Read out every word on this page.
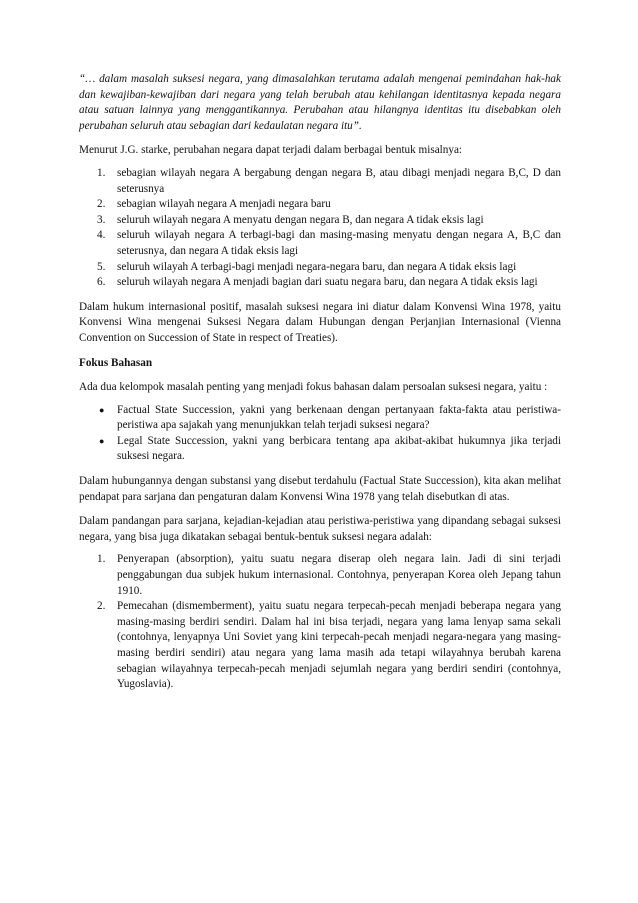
“… dalam masalah suksesi negara, yang dimasalahkan terutama adalah mengenai pemindahan hak-hak dan kewajiban-kewajiban dari negara yang telah berubah atau kehilangan identitasnya kepada negara atau satuan lainnya yang menggantikannya. Perubahan atau hilangnya identitas itu disebabkan oleh perubahan seluruh atau sebagian dari kedaulatan negara itu”.

Menurut J.G. starke, perubahan negara dapat terjadi dalam berbagai bentuk misalnya:

1. sebagian wilayah negara A bergabung dengan negara B, atau dibagi menjadi negara B,C, D dan seterusnya
2. sebagian wilayah negara A menjadi negara baru
3. seluruh wilayah negara A menyatu dengan negara B, dan negara A tidak eksis lagi
4. seluruh wilayah negara A terbagi-bagi dan masing-masing menyatu dengan negara A, B,C dan seterusnya, dan negara A tidak eksis lagi
5. seluruh wilayah A terbagi-bagi menjadi negara-negara baru, dan negara A tidak eksis lagi
6. seluruh wilayah negara A menjadi bagian dari suatu negara baru, dan negara A tidak eksis lagi

Dalam hukum internasional positif, masalah suksesi negara ini diatur dalam Konvensi Wina 1978, yaitu Konvensi Wina mengenai Suksesi Negara dalam Hubungan dengan Perjanjian Internasional (Vienna Convention on Succession of State in respect of Treaties).

Fokus Bahasan

Ada dua kelompok masalah penting yang menjadi fokus bahasan dalam persoalan suksesi negara, yaitu :

● Factual State Succession, yakni yang berkenaan dengan pertanyaan fakta-fakta atau peristiwa-peristiwa apa sajakah yang menunjukkan telah terjadi suksesi negara?
● Legal State Succession, yakni yang berbicara tentang apa akibat-akibat hukumnya jika terjadi suksesi negara.

Dalam hubungannya dengan substansi yang disebut terdahulu (Factual State Succession), kita akan melihat pendapat para sarjana dan pengaturan dalam Konvensi Wina 1978 yang telah disebutkan di atas.

Dalam pandangan para sarjana, kejadian-kejadian atau peristiwa-peristiwa yang dipandang sebagai suksesi negara, yang bisa juga dikatakan sebagai bentuk-bentuk suksesi negara adalah:

1. Penyerapan (absorption), yaitu suatu negara diserap oleh negara lain. Jadi di sini terjadi penggabungan dua subjek hukum internasional. Contohnya, penyerapan Korea oleh Jepang tahun 1910.
2. Pemecahan (dismemberment), yaitu suatu negara terpecah-pecah menjadi beberapa negara yang masing-masing berdiri sendiri. Dalam hal ini bisa terjadi, negara yang lama lenyap sama sekali (contohnya, lenyapnya Uni Soviet yang kini terpecah-pecah menjadi negara-negara yang masing-masing berdiri sendiri) atau negara yang lama masih ada tetapi wilayahnya berubah karena sebagian wilayahnya terpecah-pecah menjadi sejumlah negara yang berdiri sendiri (contohnya, Yugoslavia).
